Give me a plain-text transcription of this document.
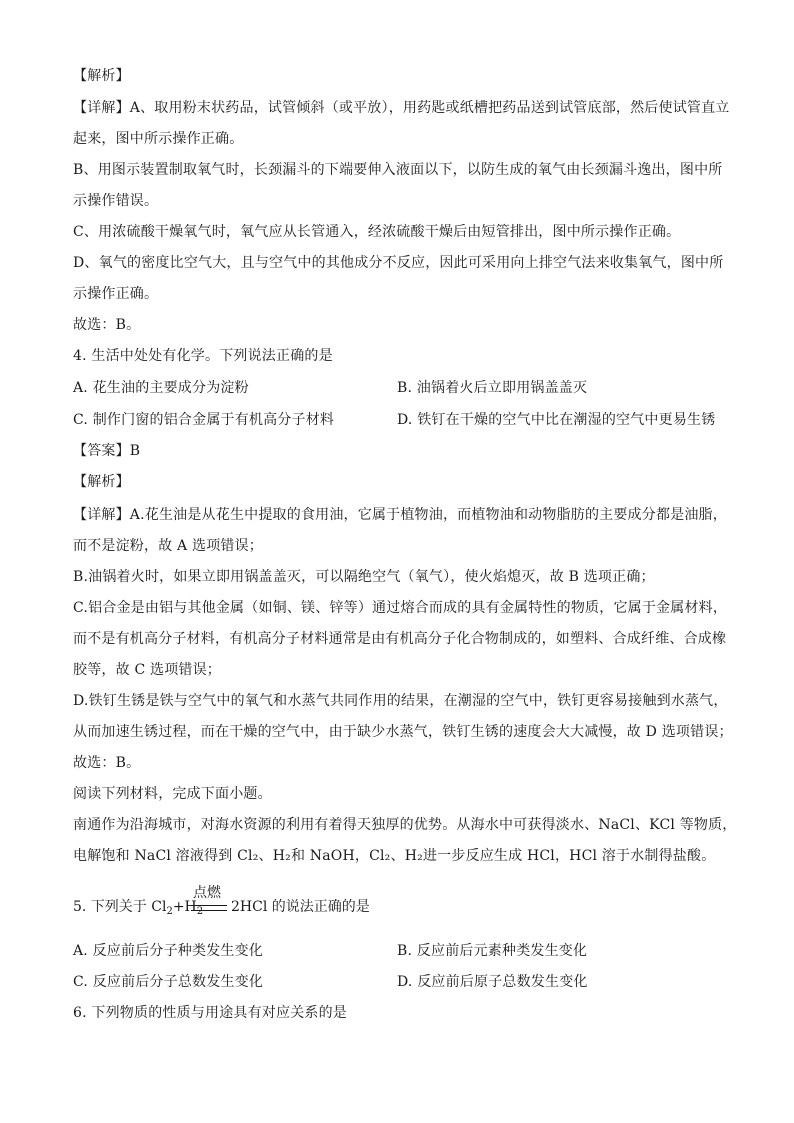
【解析】
【详解】A、取用粉末状药品，试管倾斜（或平放），用药匙或纸槽把药品送到试管底部，然后使试管直立
起来，图中所示操作正确。
B、用图示装置制取氧气时，长颈漏斗的下端要伸入液面以下，以防生成的氧气由长颈漏斗逸出，图中所
示操作错误。
C、用浓硫酸干燥氧气时，氧气应从长管通入，经浓硫酸干燥后由短管排出，图中所示操作正确。
D、氧气的密度比空气大，且与空气中的其他成分不反应，因此可采用向上排空气法来收集氧气，图中所
示操作正确。
故选：B。
4. 生活中处处有化学。下列说法正确的是
A. 花生油的主要成分为淀粉	B. 油锅着火后立即用锅盖盖灭
C. 制作门窗的铝合金属于有机高分子材料	D. 铁钉在干燥的空气中比在潮湿的空气中更易生锈
【答案】B
【解析】
【详解】A.花生油是从花生中提取的食用油，它属于植物油，而植物油和动物脂肪的主要成分都是油脂，
而不是淀粉，故 A 选项错误；
B.油锅着火时，如果立即用锅盖盖灭，可以隔绝空气（氧气），使火焰熄灭，故 B 选项正确；
C.铝合金是由铝与其他金属（如铜、镁、锌等）通过熔合而成的具有金属特性的物质，它属于金属材料，
而不是有机高分子材料，有机高分子材料通常是由有机高分子化合物制成的，如塑料、合成纤维、合成橡
胶等，故 C 选项错误；
D.铁钉生锈是铁与空气中的氧气和水蒸气共同作用的结果，在潮湿的空气中，铁钉更容易接触到水蒸气，
从而加速生锈过程，而在干燥的空气中，由于缺少水蒸气，铁钉生锈的速度会大大减慢，故 D 选项错误；
故选：B。
阅读下列材料，完成下面小题。
南通作为沿海城市，对海水资源的利用有着得天独厚的优势。从海水中可获得淡水、NaCl、KCl 等物质，
电解饱和 NaCl 溶液得到 Cl₂、H₂和 NaOH，Cl₂、H₂进一步反应生成 HCl，HCl 溶于水制得盐酸。
5. 下列关于 $Cl_2+H_2$
点燃
2HCl 的说法正确的是
A. 反应前后分子种类发生变化	B. 反应前后元素种类发生变化
C. 反应前后分子总数发生变化	D. 反应前后原子总数发生变化
6. 下列物质的性质与用途具有对应关系的是
